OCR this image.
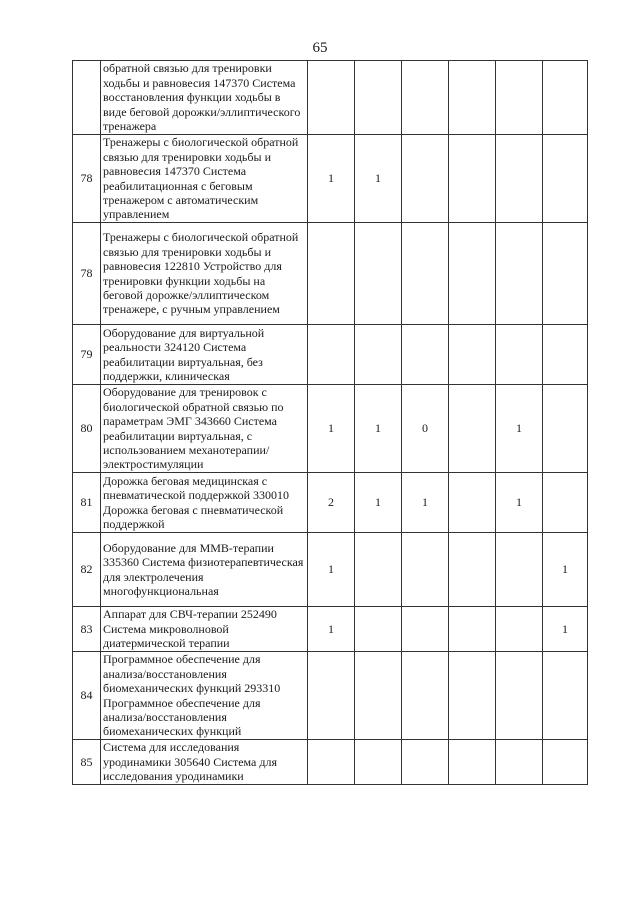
65
	обратной связью для тренировки ходьбы и равновесия 147370 Система восстановления функции ходьбы в виде беговой дорожки/эллиптического тренажера						
78	Тренажеры с биологической обратной связью для тренировки ходьбы и равновесия 147370 Система реабилитационная с беговым тренажером с автоматическим управлением	1	1				
78	Тренажеры с биологической обратной связью для тренировки ходьбы и равновесия 122810 Устройство для тренировки функции ходьбы на беговой дорожке/эллиптическом тренажере, с ручным управлением						
79	Оборудование для виртуальной реальности 324120 Система реабилитации виртуальная, без поддержки, клиническая						
80	Оборудование для тренировок с биологической обратной связью по параметрам ЭМГ 343660 Система реабилитации виртуальная, с использованием механотерапии/ электростимуляции	1	1	0		1	
81	Дорожка беговая медицинская с пневматической поддержкой 330010 Дорожка беговая с пневматической поддержкой	2	1	1		1	
82	Оборудование для ММВ-терапии 335360 Система физиотерапевтическая для электролечения многофункциональная	1					1
83	Аппарат для СВЧ-терапии 252490 Система микроволновой диатермической терапии	1					1
84	Программное обеспечение для анализа/восстановления биомеханических функций 293310 Программное обеспечение для анализа/восстановления биомеханических функций						
85	Система для исследования уродинамики 305640 Система для исследования уродинамики						
